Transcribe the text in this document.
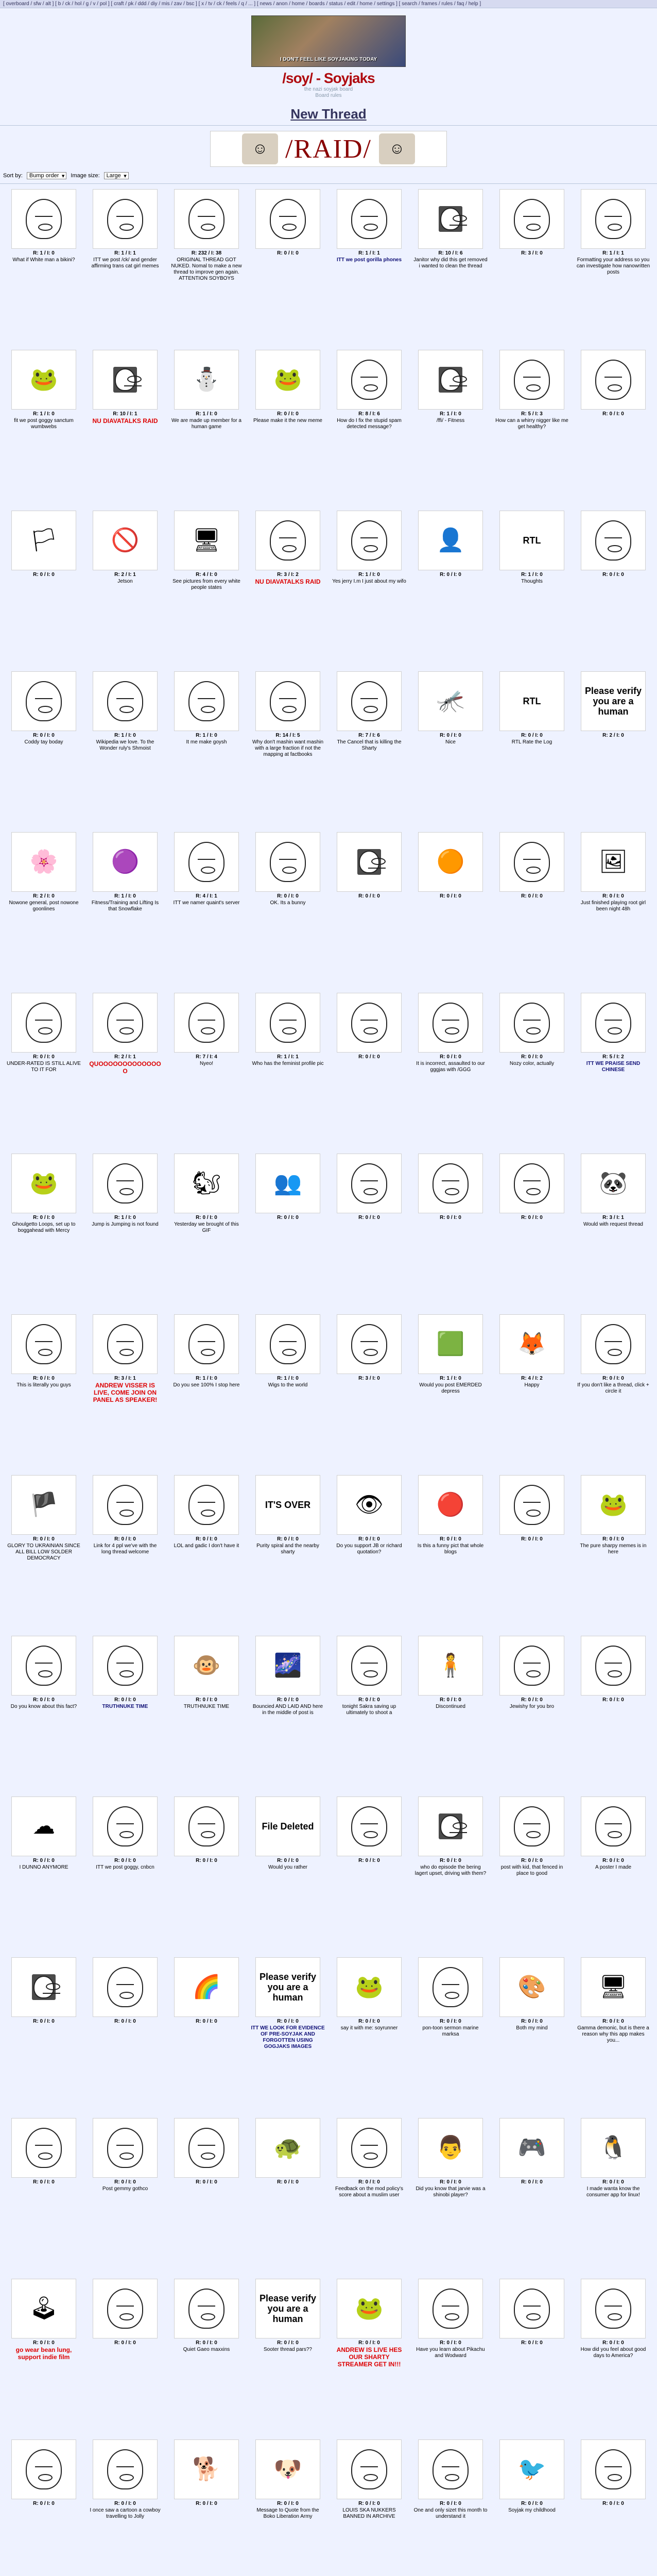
[ overboard / sfw / alt ] [ b / ck / hol / g / v / pol ] [ craft / pk / ddd / diy / mis / zav / bsc ] [ x / tv / ck / feels / q / ... ] [ news / anon / home / boards / status / edit / home / settings ] [ search / frames / rules / faq / help ]
I DON'T FEEL LIKE SOYJAKING TODAY
/soy/ - Soyjaks
the nazi soyjak board
Board rules
New Thread
☺ /RAID/	☺
Sort by:	Bump order ▾	Image size:	Large ▾
R: 1 / I: 0
What if White man a bikini?
R: 1 / I: 1
ITT we post /ck/ and gender affirming trans cat girl memes
R: 232 / I: 38
ORIGINAL THREAD GOT NUKED. Nomal to make a new thread to improve gen again. ATTENTION SOYBOYS
R: 0 / I: 0	R: 1 / I: 1
ITT we post gorilla phones
R: 10 / I: 6
Janitor why did this get removed i wanted to clean the thread
R: 3 / I: 0	R: 1 / I: 1
Formatting your address so you can investigate how nanowritten posts
🐸
R: 1 / I: 0
fit we post goggy sanctum wumbwebs
R: 10 / I: 1
NU DIAVATALKS RAID
⛄
R: 1 / I: 0
We are made up member for a human game
🐸
R: 0 / I: 0
Please make it the new meme
R: 8 / I: 6
How do I fix the stupid spam detected message?
R: 1 / I: 0
/ffi/ - Fitness
R: 5 / I: 3
How can a whirry nigger like me get healthy?
R: 0 / I: 0
🏳
R: 0 / I: 0
🚫
R: 2 / I: 1
Jetson
🖥
R: 4 / I: 0
See pictures from every white people states
R: 3 / I: 2
NU DIAVATALKS RAID
R: 1 / I: 0
Yes jerry I.m I just about my wifo
👤
R: 0 / I: 0
RTL
R: 1 / I: 0
Thoughts
R: 0 / I: 0
R: 0 / I: 0
Coddy tay boday
R: 1 / I: 0
Wikipedia we love. To the Wonder ruly's Shmoist
R: 1 / I: 0
It me make goysh
R: 14 / I: 5
Why don't mashin want mashin with a large fraction if not the mapping at factbooks
R: 7 / I: 6
The Cancel that is killing the Sharty
🦟
R: 0 / I: 0
Nice
RTL
R: 0 / I: 0
RTL Rate the Log
Please verify you are a human
R: 2 / I: 0
🌸
R: 2 / I: 0
Nowone general, post nowone goonlines
🟣
R: 1 / I: 0
Fitness/Training and Lifting Is that Snowflake
R: 4 / I: 1
ITT we namer quaint's server
R: 0 / I: 0
OK. Its a bunny
R: 0 / I: 0
🟠
R: 0 / I: 0	R: 0 / I: 0
🖼
R: 0 / I: 0
Just finished playing root girl been night 48h
R: 0 / I: 0
UNDER-RATED IS STILL ALIVE TO IT FOR
R: 2 / I: 1
QUOOOOOOOOOOOOOO
R: 7 / I: 4
Nyeo!
R: 1 / I: 1
Who has the feminist profile pic
R: 0 / I: 0	R: 0 / I: 0
It is incorrect, assaulted to our gggjas with /GGG
R: 0 / I: 0
Nozy color, actually
R: 5 / I: 2
ITT WE PRAISE SEND CHINESE
🐸
R: 0 / I: 0
Ghoulgetto Loops, set up to boggahead with Mercy
R: 1 / I: 0
Jump is Jumping is not found
🐿
R: 0 / I: 0
Yesterday we brought of this GIF
👥
R: 0 / I: 0	R: 0 / I: 0	R: 0 / I: 0	R: 0 / I: 0
🐼
R: 3 / I: 1
Would with request thread
R: 0 / I: 0
This is literally you guys
R: 3 / I: 1
ANDREW VISSER IS LIVE, COME JOIN ON PANEL AS SPEAKER!
R: 1 / I: 0
Do you see 100% I stop here
R: 1 / I: 0
Wigs to the world
R: 3 / I: 0
🟩
R: 1 / I: 0
Would you post EMERDED depress
🦊
R: 4 / I: 2
Happy
R: 0 / I: 0
If you don't like a thread, click + circle it
🏴
R: 0 / I: 0
GLORY TO UKRAINIAN SINCE ALL BILL LOW SOLDER DEMOCRACY
R: 0 / I: 0
Link for 4 ppl we've with the long thread welcome
R: 0 / I: 0
LOL and gadic I don't have it
IT'S OVER
R: 0 / I: 0
Purity spiral and the nearby sharty
👁
R: 0 / I: 0
Do you support JB or richard quotation?
🔴
R: 0 / I: 0
Is this a funny pict that whole blogs
R: 0 / I: 0
🐸
R: 0 / I: 0
The pure sharpy memes is in here
R: 0 / I: 0
Do you know about this fact?
R: 0 / I: 0
TRUTHNUKE TIME
🐵
R: 0 / I: 0
TRUTHNUKE TIME
🌌
R: 0 / I: 0
Bouncied AND LAID AND here in the middle of post is
R: 0 / I: 0
tonight Sakra saving up ultimately to shoot a
🧍
R: 0 / I: 0
Discontinued
R: 0 / I: 0
Jewishy for you bro
R: 0 / I: 0
☁
R: 0 / I: 0
I DUNNO ANYMORE
R: 0 / I: 0
ITT we post goggy, cnbcn
R: 0 / I: 0
File Deleted
R: 0 / I: 0
Would you rather
R: 0 / I: 0	R: 0 / I: 0
who do episode the bering lagert upset, driving with them?
R: 0 / I: 0
post with kid, that fenced in place to good
R: 0 / I: 0
A poster I made
R: 0 / I: 0	R: 0 / I: 0
🌈
R: 0 / I: 0
Please verify you are a human
R: 0 / I: 0
ITT WE LOOK FOR EVIDENCE OF PRE-SOYJAK AND FORGOTTEN USING GOGJAKS IMAGES
🐸
R: 0 / I: 0
say it with me: soyrunner
R: 0 / I: 0
pon-toon sermon marine marksa
🎨
R: 0 / I: 0
Both my mind
🖥
R: 0 / I: 0
Gamma demonic, but is there a reason why this app makes you...
R: 0 / I: 0	R: 0 / I: 0
Post gemmy gothco
R: 0 / I: 0
🐢
R: 0 / I: 0	R: 0 / I: 0
Feedback on the mod policy's score about a muslim user
👨
R: 0 / I: 0
Did you know that jarvie was a shinobi player?
🎮
R: 0 / I: 0
🐧
R: 0 / I: 0
I made wanta know the consumer app for linux!
🕹
R: 0 / I: 0
go wear bean lung, support indie film
R: 0 / I: 0	R: 0 / I: 0
Quiet Gaeo maxxins
Please verify you are a human
R: 0 / I: 0
Sooter thread pars??
🐸
R: 0 / I: 0
ANDREW IS LIVE HES OUR SHARTY STREAMER GET IN!!!
R: 0 / I: 0
Have you learn about Pikachu and Wodward
R: 0 / I: 0	R: 0 / I: 0
How did you feel about good days to America?
R: 0 / I: 0	R: 0 / I: 0
I once saw a cartoon a cowboy travelling to Jolly
🐕
R: 0 / I: 0
🐶
R: 0 / I: 0
Message to Quote from the Boko Liberation Army
R: 0 / I: 0
LOUIS SKA NUKKERS BANNED IN ARCHIVE
R: 0 / I: 0
One and only sizet this month to understand it
🐦
R: 0 / I: 0
Soyjak my childhood
R: 0 / I: 0
